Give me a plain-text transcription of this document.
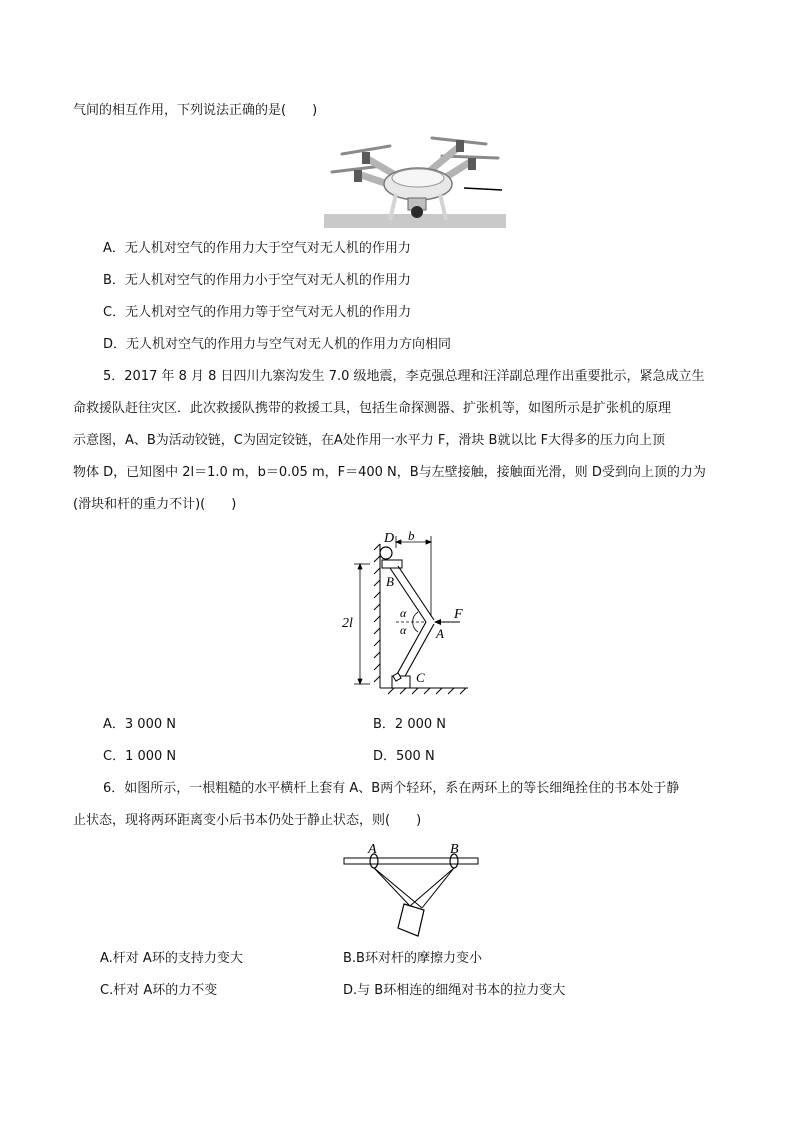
气间的相互作用，下列说法正确的是(　　)
A．无人机对空气的作用力大于空气对无人机的作用力
B．无人机对空气的作用力小于空气对无人机的作用力
C．无人机对空气的作用力等于空气对无人机的作用力
D．无人机对空气的作用力与空气对无人机的作用力方向相同
5．2017 年 8 月 8 日四川九寨沟发生 7.0 级地震，李克强总理和汪洋副总理作出重要批示，紧急成立生
命救援队赶往灾区．此次救援队携带的救援工具，包括生命探测器、扩张机等，如图所示是扩张机的原理
示意图，A、B为活动铰链，C为固定铰链，在A处作用一水平力 F，滑块 B就以比 F大得多的压力向上顶
物体 D，已知图中 2l＝1.0 m，b＝0.05 m，F＝400 N，B与左壁接触，接触面光滑，则 D受到向上顶的力为
(滑块和杆的重力不计)(　　)
D b
B
2l
α
α
F
A
C
A．3 000 N	B．2 000 N
C．1 000 N	D．500 N
6．如图所示，一根粗糙的水平横杆上套有 A、B两个轻环，系在两环上的等长细绳拴住的书本处于静
止状态，现将两环距离变小后书本仍处于静止状态，则(　　)
A	B
A.杆对 A环的支持力变大	B.B环对杆的摩擦力变小
C.杆对 A环的力不变	D.与 B环相连的细绳对书本的拉力变大
